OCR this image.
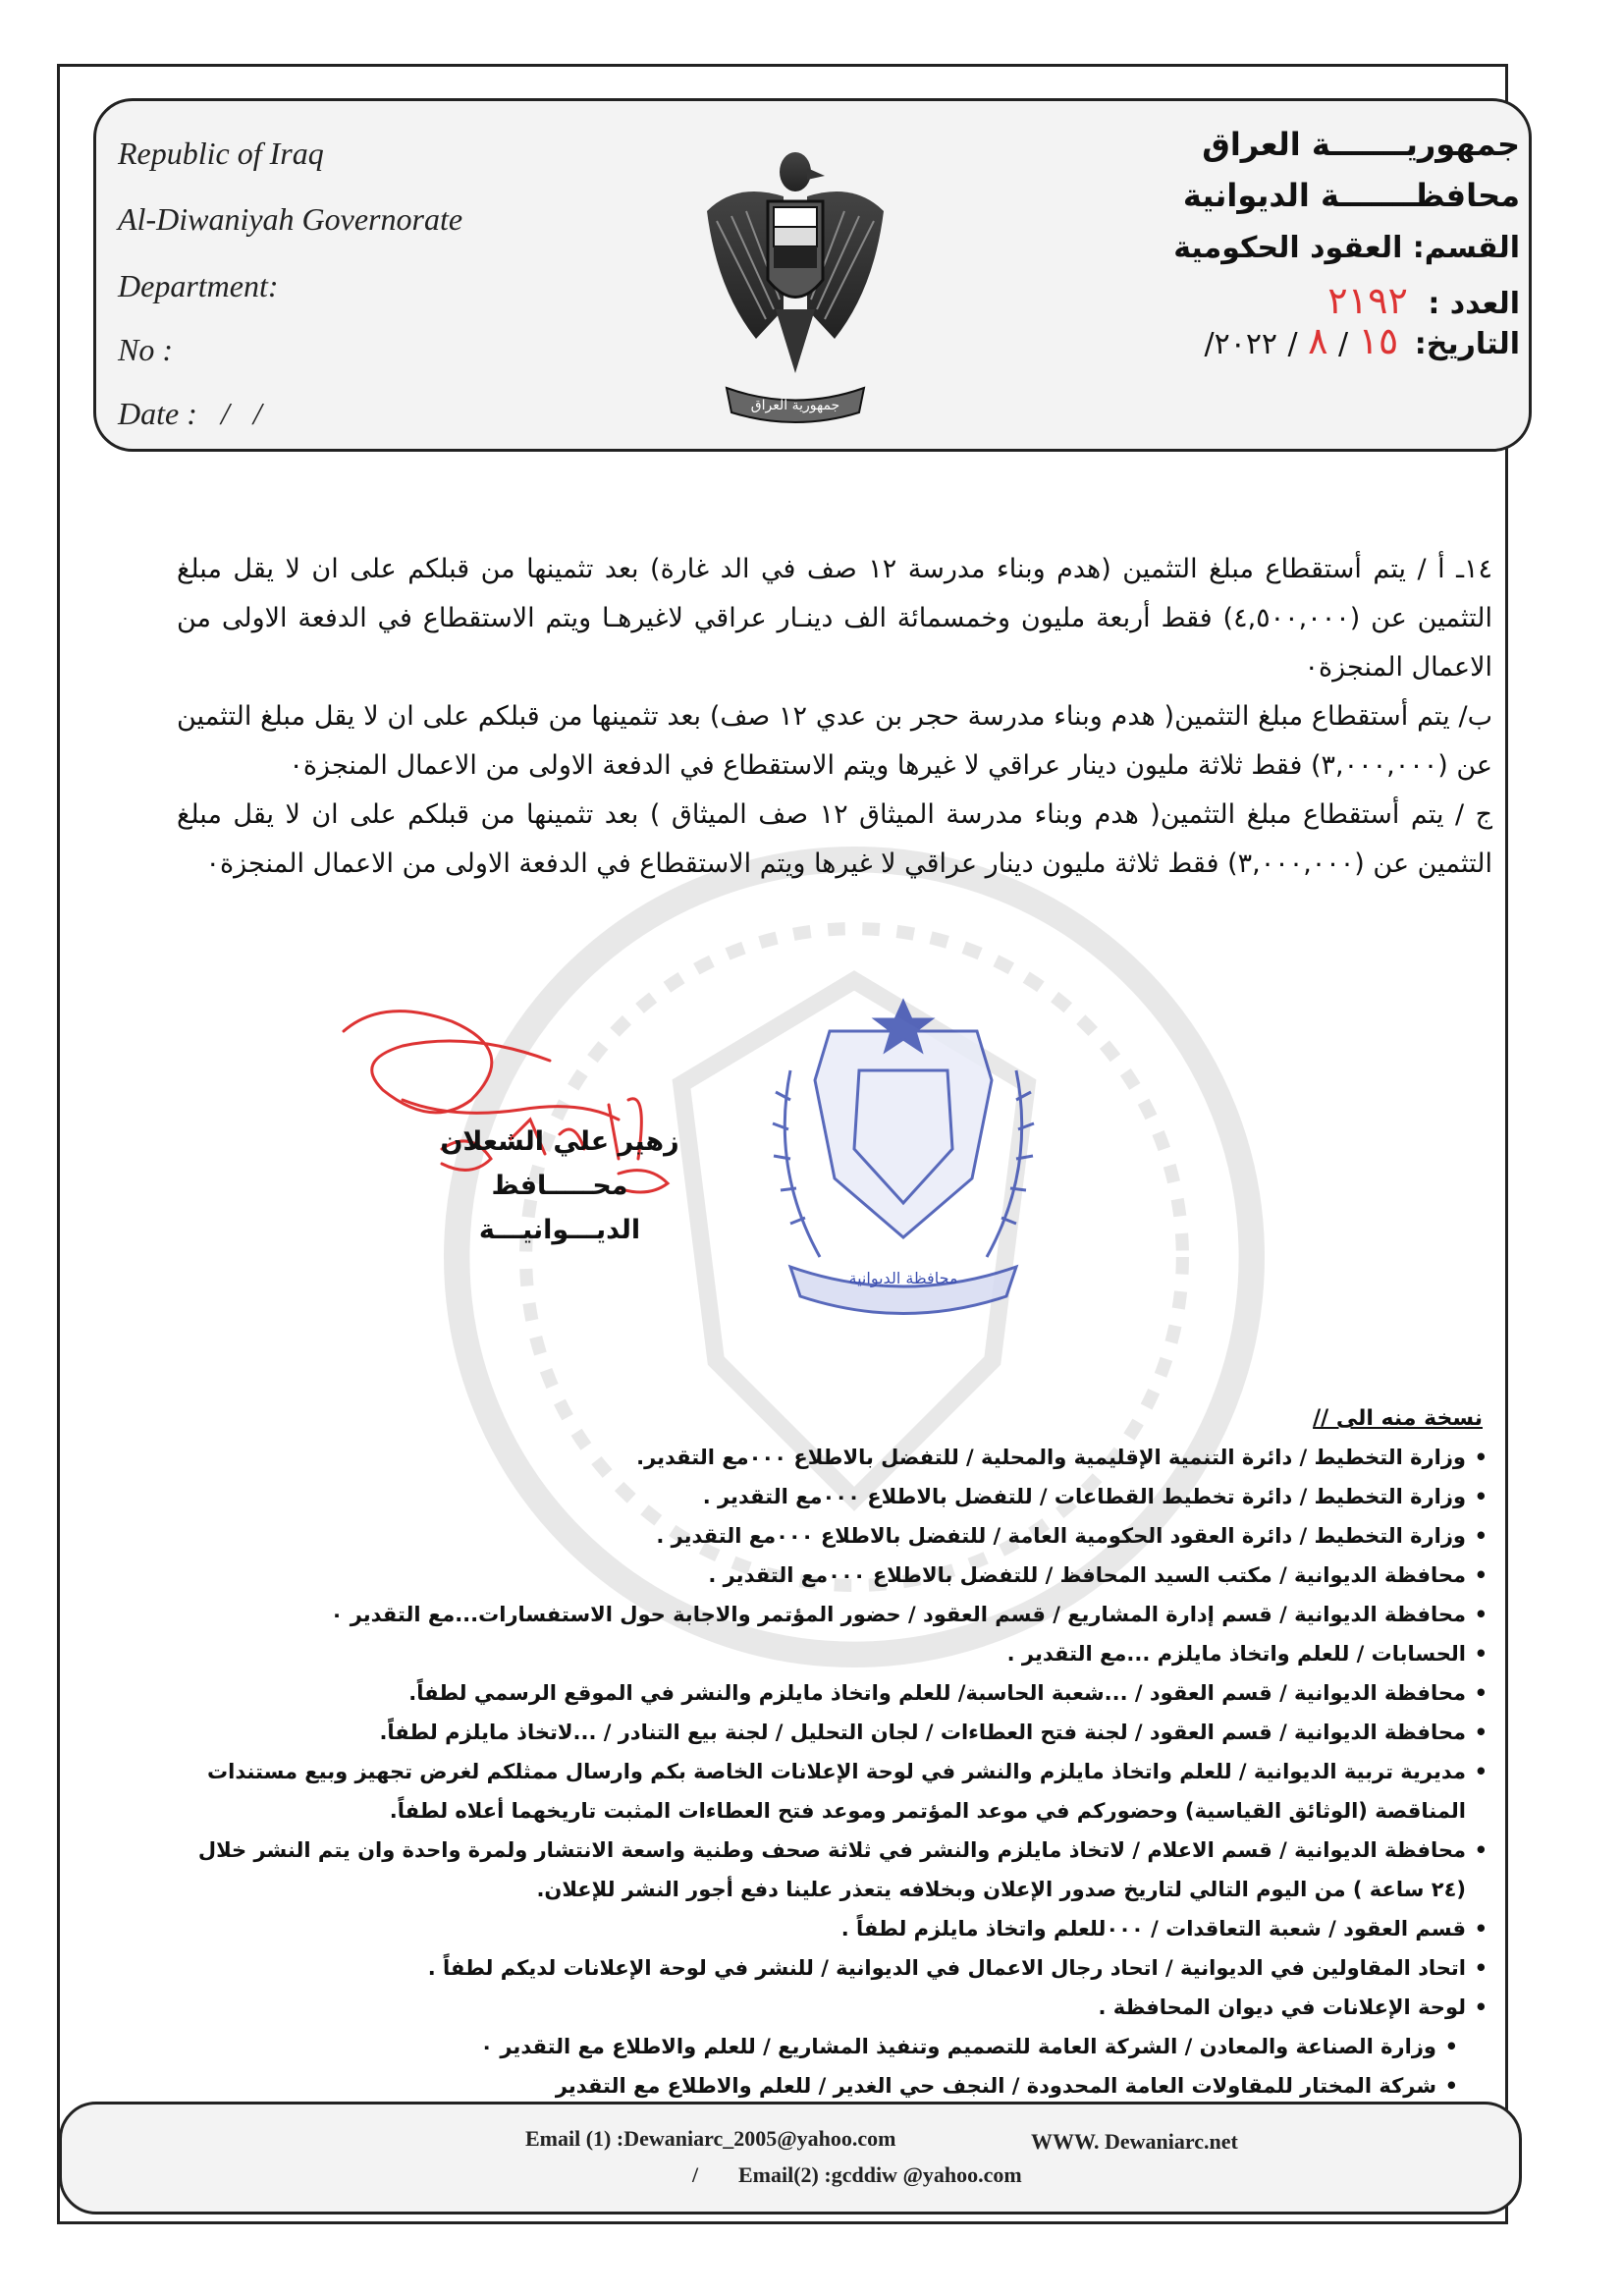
Republic of Iraq
Al-Diwaniyah Governorate
Department:
No :
Date :   /   /	جمهورية العراق
جمهوريـــــــة العراق
محافظـــــــة الديوانية
القسم: العقود الحكومية
العدد : ٢١٩٢
التاريخ: ١٥ / ٨ / ٢٠٢٢/

١٤ـ أ / يتم أستقطاع مبلغ التثمين (هدم وبناء مدرسة ١٢ صف في الد غارة) بعد تثمينها من قبلكم على ان لا يقل مبلغ التثمين عن (٤,٥٠٠,٠٠٠) فقط أربعة مليون وخمسمائة الف دينـار عراقي لاغيرهـا ويتم الاستقطاع في الدفعة الاولى من الاعمال المنجزة٠

ب/ يتم أستقطاع مبلغ التثمين( هدم وبناء مدرسة حجر بن عدي ١٢ صف) بعد تثمينها من قبلكم على ان لا يقل مبلغ التثمين عن (٣,٠٠٠,٠٠٠) فقط ثلاثة مليون دينار عراقي لا غيرها ويتم الاستقطاع في الدفعة الاولى من الاعمال المنجزة٠

ج / يتم أستقطاع مبلغ التثمين( هدم وبناء مدرسة الميثاق ١٢ صف الميثاق ) بعد تثمينها من قبلكم على ان لا يقل مبلغ التثمين عن (٣,٠٠٠,٠٠٠) فقط ثلاثة مليون دينار عراقي لا غيرها ويتم الاستقطاع في الدفعة الاولى من الاعمال المنجزة٠

محافظة الديوانية
زهير علي الشعلان
محـــــافظ الديـــوانيـــة
نسخة منه الى //
• وزارة التخطيط / دائرة التنمية الإقليمية والمحلية / للتفضل بالاطلاع ٠٠٠مع التقدير.
• وزارة التخطيط / دائرة تخطيط القطاعات / للتفضل بالاطلاع ٠٠٠مع التقدير .
• وزارة التخطيط / دائرة العقود الحكومية العامة / للتفضل بالاطلاع ٠٠٠مع التقدير .
• محافظة الديوانية / مكتب السيد المحافظ / للتفضل بالاطلاع ٠٠٠مع التقدير .
• محافظة الديوانية / قسم إدارة المشاريع / قسم العقود / حضور المؤتمر والاجابة حول الاستفسارات...مع التقدير ٠
• الحسابات / للعلم واتخاذ مايلزم ...مع التقدير .
• محافظة الديوانية / قسم العقود / ...شعبة الحاسبة/ للعلم واتخاذ مايلزم والنشر في الموقع الرسمي لطفاً.
• محافظة الديوانية / قسم العقود / لجنة فتح العطاءات / لجان التحليل / لجنة بيع التنادر / ...لاتخاذ مايلزم لطفاً.
• مديرية تربية الديوانية / للعلم واتخاذ مايلزم والنشر في لوحة الإعلانات الخاصة بكم وارسال ممثلكم لغرض تجهيز وبيع مستندات المناقصة (الوثائق القياسية) وحضوركم في موعد المؤتمر وموعد فتح العطاءات المثبت تاريخهما أعلاه لطفاً.
• محافظة الديوانية / قسم الاعلام / لاتخاذ مايلزم والنشر في ثلاثة صحف وطنية واسعة الانتشار ولمرة واحدة وان يتم النشر خلال (٢٤ ساعة ) من اليوم التالي لتاريخ صدور الإعلان وبخلافه يتعذر علينا دفع أجور النشر للإعلان.
• قسم العقود / شعبة التعاقدات / ٠٠٠للعلم واتخاذ مايلزم لطفاً .
• اتحاد المقاولين في الديوانية / اتحاد رجال الاعمال في الديوانية / للنشر في لوحة الإعلانات لديكم لطفاً .
• لوحة الإعلانات في ديوان المحافظة .
• وزارة الصناعة والمعادن / الشركة العامة للتصميم وتنفيذ المشاريع / للعلم والاطلاع مع التقدير ٠
• شركة المختار للمقاولات العامة المحدودة / النجف حي الغدير / للعلم والاطلاع مع التقدير
Email (1) :Dewaniarc_2005@yahoo.com	WWW. Dewaniarc.net
/ Email(2) :gcddiw @yahoo.com
